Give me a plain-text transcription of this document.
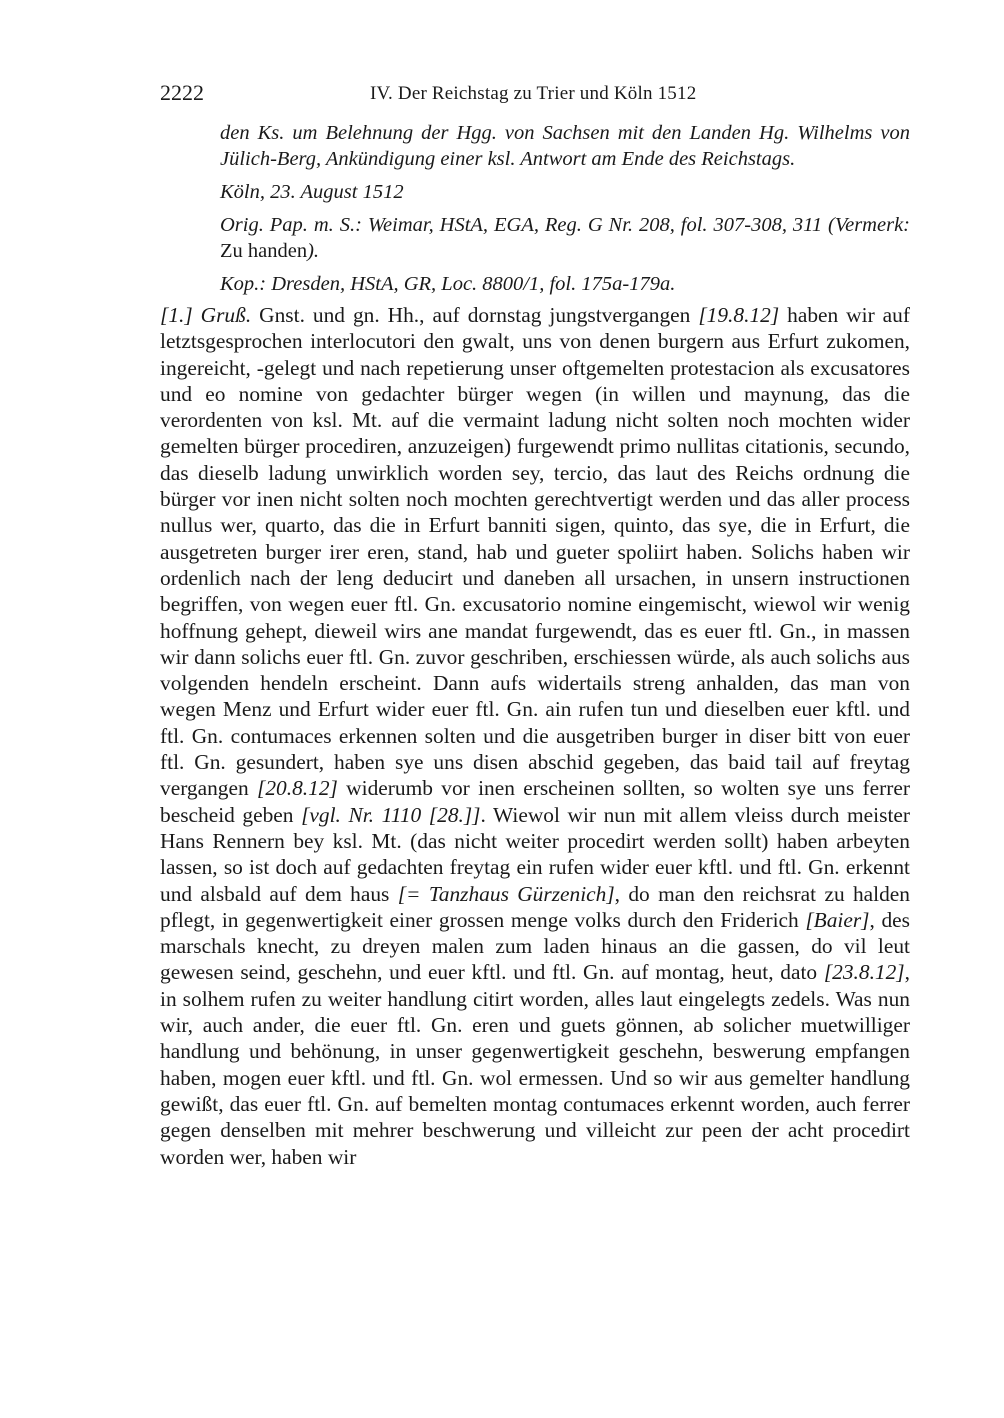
2222	IV. Der Reichstag zu Trier und Köln 1512

den Ks. um Belehnung der Hgg. von Sachsen mit den Landen Hg. Wilhelms von Jülich-Berg, Ankündigung einer ksl. Antwort am Ende des Reichstags.

Köln, 23. August 1512

Orig. Pap. m. S.: Weimar, HStA, EGA, Reg. G Nr. 208, fol. 307-308, 311 (Vermerk: Zu handen).

Kop.: Dresden, HStA, GR, Loc. 8800/1, fol. 175a-179a.

[1.] Gruß. Gnst. und gn. Hh., auf dornstag jungstvergangen [19.8.12] haben wir auf letztsgesprochen interlocutori den gwalt, uns von denen burgern aus Erfurt zukomen, ingereicht, -gelegt und nach repetierung unser oftgemelten protestacion als excusatores und eo nomine von gedachter bürger wegen (in willen und maynung, das die verordenten von ksl. Mt. auf die vermaint ladung nicht solten noch mochten wider gemelten bürger procediren, anzuzeigen) furgewendt primo nullitas citationis, secundo, das dieselb ladung unwirklich worden sey, tercio, das laut des Reichs ordnung die bürger vor inen nicht solten noch mochten gerechtvertigt werden und das aller process nullus wer, quarto, das die in Erfurt banniti sigen, quinto, das sye, die in Erfurt, die ausgetreten burger irer eren, stand, hab und gueter spoliirt haben. Solichs haben wir ordenlich nach der leng deducirt und daneben all ursachen, in unsern instructionen begriffen, von wegen euer ftl. Gn. excusatorio nomine eingemischt, wiewol wir wenig hoffnung gehept, dieweil wirs ane mandat furgewendt, das es euer ftl. Gn., in massen wir dann solichs euer ftl. Gn. zuvor geschriben, erschiessen würde, als auch solichs aus volgenden hendeln erscheint. Dann aufs widertails streng anhalden, das man von wegen Menz und Erfurt wider euer ftl. Gn. ain rufen tun und dieselben euer kftl. und ftl. Gn. contumaces erkennen solten und die ausgetriben burger in diser bitt von euer ftl. Gn. gesundert, haben sye uns disen abschid gegeben, das baid tail auf freytag vergangen [20.8.12] widerumb vor inen erscheinen sollten, so wolten sye uns ferrer bescheid geben [vgl. Nr. 1110 [28.]]. Wiewol wir nun mit allem vleiss durch meister Hans Rennern bey ksl. Mt. (das nicht weiter procedirt werden sollt) haben arbeyten lassen, so ist doch auf gedachten freytag ein rufen wider euer kftl. und ftl. Gn. erkennt und alsbald auf dem haus [= Tanzhaus Gürzenich], do man den reichsrat zu halden pflegt, in gegenwertigkeit einer grossen menge volks durch den Friderich [Baier], des marschals knecht, zu dreyen malen zum laden hinaus an die gassen, do vil leut gewesen seind, geschehn, und euer kftl. und ftl. Gn. auf montag, heut, dato [23.8.12], in solhem rufen zu weiter handlung citirt worden, alles laut eingelegts zedels. Was nun wir, auch ander, die euer ftl. Gn. eren und guets gönnen, ab solicher muetwilliger handlung und behönung, in unser gegenwertigkeit geschehn, beswerung empfangen haben, mogen euer kftl. und ftl. Gn. wol ermessen. Und so wir aus gemelter handlung gewißt, das euer ftl. Gn. auf bemelten montag contumaces erkennt worden, auch ferrer gegen denselben mit mehrer beschwerung und villeicht zur peen der acht procedirt worden wer, haben wir
